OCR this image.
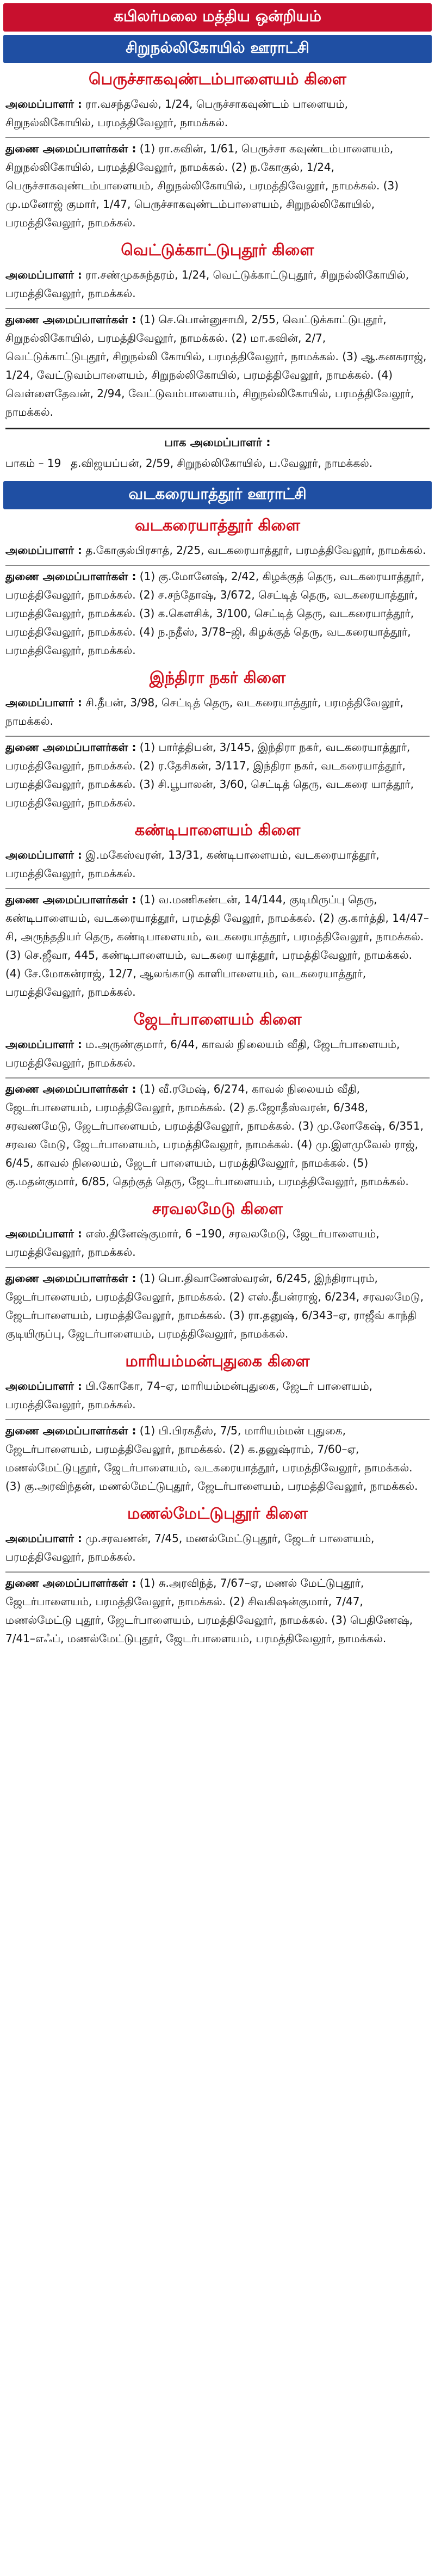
கபிலர்மலை மத்திய ஒன்றியம்
சிறுநல்லிகோயில் ஊராட்சி
பெருச்சாகவுண்டம்பாளையம் கிளை
அமைப்பாளர் : ரா.வசந்தவேல், 1/24, பெருச்சாகவுண்டம் பாளையம், சிறுநல்லிகோயில், பரமத்திவேலூர், நாமக்கல்.
துணை அமைப்பாளர்கள் : (1) ரா.கவின், 1/61, பெருச்சா கவுண்டம்பாளையம், சிறுநல்லிகோயில், பரமத்திவேலூர், நாமக்கல். (2) ந.கோகுல், 1/24, பெருச்சாகவுண்டம்பாளையம், சிறுநல்லிகோயில், பரமத்திவேலூர், நாமக்கல். (3) மு.மனோஜ் குமார், 1/47, பெருச்சாகவுண்டம்பாளையம், சிறுநல்லிகோயில், பரமத்திவேலூர், நாமக்கல்.
வெட்டுக்காட்டுபுதூர் கிளை
அமைப்பாளர் : ரா.சண்முகசுந்தரம், 1/24, வெட்டுக்காட்டுபுதூர், சிறுநல்லிகோயில், பரமத்திவேலூர், நாமக்கல்.
துணை அமைப்பாளர்கள் : (1) செ.பொன்னுசாமி, 2/55, வெட்டுக்காட்டுபுதூர், சிறுநல்லிகோயில், பரமத்திவேலூர், நாமக்கல். (2) மா.கவின், 2/7, வெட்டுக்காட்டுபுதூர், சிறுநல்லி கோயில், பரமத்திவேலூர், நாமக்கல். (3) ஆ.கனகராஜ், 1/24, வேட்டுவம்பாளையம், சிறுநல்லிகோயில், பரமத்திவேலூர், நாமக்கல். (4) வெள்ளைதேவன், 2/94, வேட்டுவம்பாளையம், சிறுநல்லிகோயில், பரமத்திவேலூர், நாமக்கல்.
பாக அமைப்பாளர் :
பாகம் – 19 த.விஜயப்பன், 2/59, சிறுநல்லிகோயில், ப.வேலூர், நாமக்கல்.
வடகரையாத்தூர் ஊராட்சி
வடகரையாத்தூர் கிளை
அமைப்பாளர் : த.கோகுல்பிரசாத், 2/25, வடகரையாத்தூர், பரமத்திவேலூர், நாமக்கல்.
துணை அமைப்பாளர்கள் : (1) கு.மோனேஷ், 2/42, கிழக்குத் தெரு, வடகரையாத்தூர், பரமத்திவேலூர், நாமக்கல். (2) ச.சந்தோஷ், 3/672, செட்டித் தெரு, வடகரையாத்தூர், பரமத்திவேலூர், நாமக்கல். (3) க.கௌசிக், 3/100, செட்டித் தெரு, வடகரையாத்தூர், பரமத்திவேலூர், நாமக்கல். (4) ந.நதீஸ், 3/78–ஜி, கிழக்குத் தெரு, வடகரையாத்தூர், பரமத்திவேலூர், நாமக்கல்.
இந்திரா நகர் கிளை
அமைப்பாளர் : சி.தீபன், 3/98, செட்டித் தெரு, வடகரையாத்தூர், பரமத்திவேலூர், நாமக்கல்.
துணை அமைப்பாளர்கள் : (1) பார்த்திபன், 3/145, இந்திரா நகர், வடகரையாத்தூர், பரமத்திவேலூர், நாமக்கல். (2) ர.தேசிகன், 3/117, இந்திரா நகர், வடகரையாத்தூர், பரமத்திவேலூர், நாமக்கல். (3) சி.பூபாலன், 3/60, செட்டித் தெரு, வடகரை யாத்தூர், பரமத்திவேலூர், நாமக்கல்.
கண்டிபாளையம் கிளை
அமைப்பாளர் : இ.மகேஸ்வரன், 13/31, கண்டிபாளையம், வடகரையாத்தூர், பரமத்திவேலூர், நாமக்கல்.
துணை அமைப்பாளர்கள் : (1) வ.மணிகண்டன், 14/144, குடிமிருப்பு தெரு, கண்டிபாளையம், வடகரையாத்தூர், பரமத்தி வேலூர், நாமக்கல். (2) கு.கார்த்தி, 14/47–சி, அருந்ததியர் தெரு, கண்டிபாளையம், வடகரையாத்தூர், பரமத்திவேலூர், நாமக்கல். (3) செ.ஜீவா, 445, கண்டிபாளையம், வடகரை யாத்தூர், பரமத்திவேலூர், நாமக்கல். (4) சே.மோகன்ராஜ், 12/7, ஆலங்காடு காளிபாளையம், வடகரையாத்தூர், பரமத்திவேலூர், நாமக்கல்.
ஜேடர்பாளையம் கிளை
அமைப்பாளர் : ம.அருண்குமார், 6/44, காவல் நிலையம் வீதி, ஜேடர்பாளையம், பரமத்திவேலூர், நாமக்கல்.
துணை அமைப்பாளர்கள் : (1) வீ.ரமேஷ், 6/274, காவல் நிலையம் வீதி, ஜேடர்பாளையம், பரமத்திவேலூர், நாமக்கல். (2) த.ஜோதீஸ்வரன், 6/348, சரவணமேடு, ஜேடர்பாளையம், பரமத்திவேலூர், நாமக்கல். (3) மு.லோகேஷ், 6/351, சரவல மேடு, ஜேடர்பாளையம், பரமத்திவேலூர், நாமக்கல். (4) மு.இளமுவேல் ராஜ், 6/45, காவல் நிலையம், ஜேடர் பாளையம், பரமத்திவேலூர், நாமக்கல். (5) கு.மதன்குமார், 6/85, தெற்குத் தெரு, ஜேடர்பாளையம், பரமத்திவேலூர், நாமக்கல்.
சரவலமேடு கிளை
அமைப்பாளர் : எஸ்.தினேஷ்குமார், 6 –190, சரவலமேடு, ஜேடர்பாளையம், பரமத்திவேலூர், நாமக்கல்.
துணை அமைப்பாளர்கள் : (1) பொ.திவாணேஸ்வரன், 6/245, இந்திராபுரம், ஜேடர்பாளையம், பரமத்திவேலூர், நாமக்கல். (2) எஸ்.தீபன்ராஜ், 6/234, சரவலமேடு, ஜேடர்பாளையம், பரமத்திவேலூர், நாமக்கல். (3) ரா.தனுஷ், 6/343–ஏ, ராஜீவ் காந்தி குடியிருப்பு, ஜேடர்பாளையம், பரமத்திவேலூர், நாமக்கல்.
மாரியம்மன்புதுகை கிளை
அமைப்பாளர் : பி.கோகோ, 74–ஏ, மாரியம்மன்புதுகை, ஜேடர் பாளையம், பரமத்திவேலூர், நாமக்கல்.
துணை அமைப்பாளர்கள் : (1) பி.பிரகதீஸ், 7/5, மாரியம்மன் புதுகை, ஜேடர்பாளையம், பரமத்திவேலூர், நாமக்கல். (2) க.தனுஷ்ராம், 7/60–ஏ, மணல்மேட்டுபுதூர், ஜேடர்பாளையம், வடகரையாத்தூர், பரமத்திவேலூர், நாமக்கல். (3) கு.அரவிந்தன், மணல்மேட்டுபுதூர், ஜேடர்பாளையம், பரமத்திவேலூர், நாமக்கல்.
மணல்மேட்டுபுதூர் கிளை
அமைப்பாளர் : மு.சரவணன், 7/45, மணல்மேட்டுபுதூர், ஜேடர் பாளையம், பரமத்திவேலூர், நாமக்கல்.
துணை அமைப்பாளர்கள் : (1) சு.அரவிந்த், 7/67–ஏ, மணல் மேட்டுபுதூர், ஜேடர்பாளையம், பரமத்திவேலூர், நாமக்கல். (2) சிவகிஷன்குமார், 7/47, மணல்மேட்டு புதூர், ஜேடர்பாளையம், பரமத்திவேலூர், நாமக்கல். (3) பெதிணேஷ், 7/41–எஃப், மணல்மேட்டுபுதூர், ஜேடர்பாளையம், பரமத்திவேலூர், நாமக்கல்.
